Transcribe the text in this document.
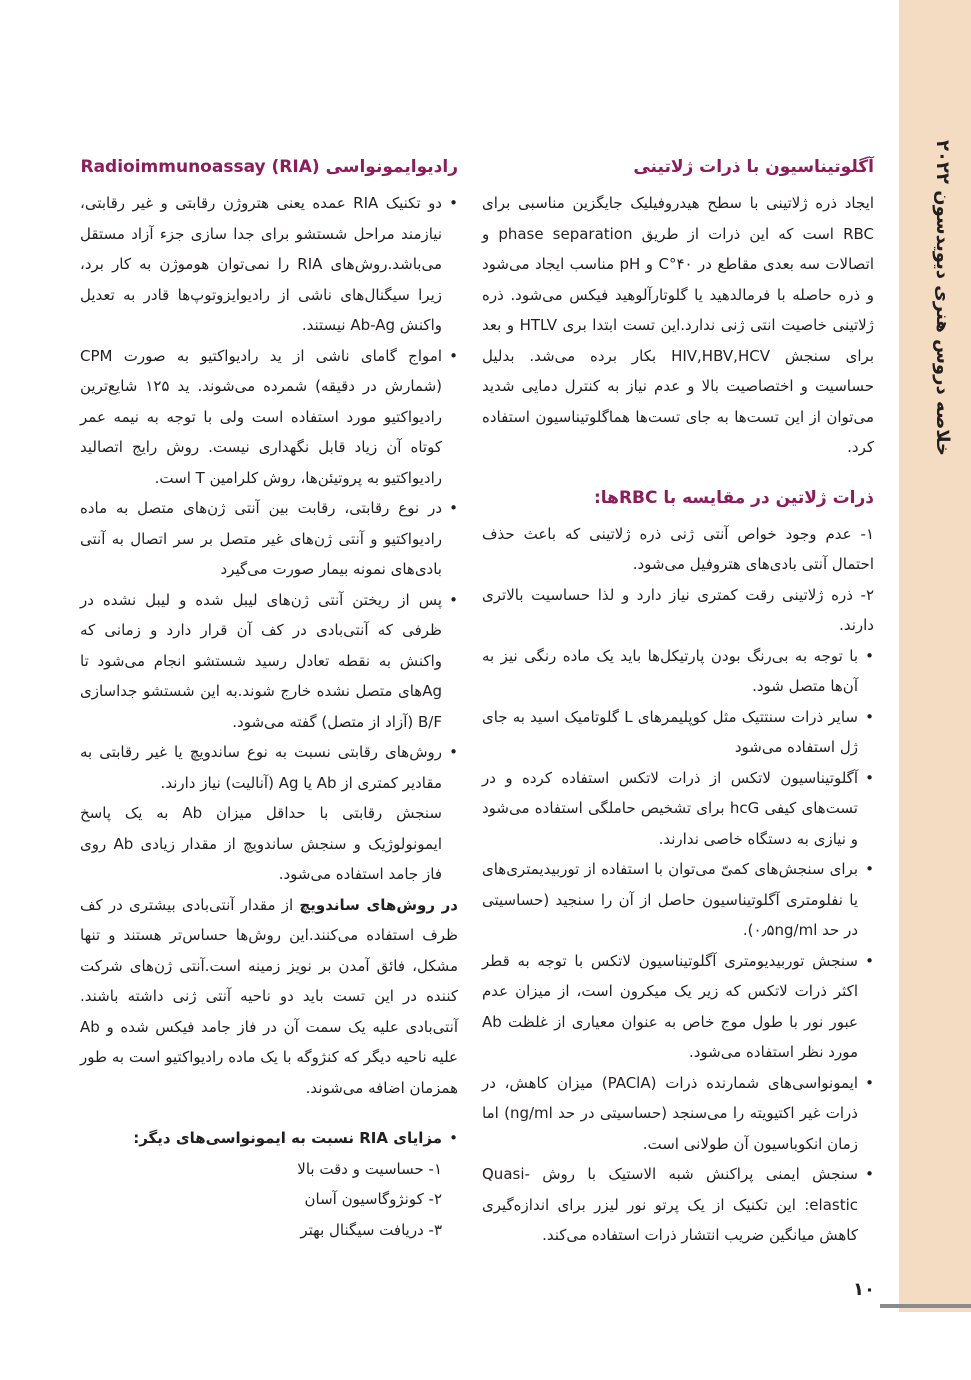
خلاصه دروس هنری دیویدسون ۲۰۲۲
آگلوتیناسیون با ذرات ژلاتینی

ایجاد ذره ژلاتینی با سطح هیدروفیلیک جایگزین مناسبی برای RBC است که این ذرات از طریق phase separation و اتصالات سه بعدی مقاطع در ۴۰°C و pH مناسب ایجاد می‌شود و ذره حاصله با فرمالدهید یا گلوتارآلوهید فیکس می‌شود. ذره ژلاتینی خاصیت انتی ژنی ندارد.این تست ابتدا بری HTLV و بعد برای سنجش HIV,HBV,HCV بکار برده می‌شد. بدلیل حساسیت و اختصاصیت بالا و عدم نیاز به کنترل دمایی شدید می‌توان از این تست‌ها به جای تست‌ها هماگلوتیناسیون استفاده کرد.

ذرات ژلاتین در مقایسه با RBCها:
۱- عدم وجود خواص آنتی ژنی ذره ژلاتینی که باعث حذف احتمال آنتی بادی‌های هتروفیل می‌شود.
۲- ذره ژلاتینی رقت کمتری نیاز دارد و لذا حساسیت بالاتری دارند.
• با توجه به بی‌رنگ بودن پارتیکل‌ها باید یک ماده رنگی نیز به آن‌ها متصل شود.
• سایر ذرات سنتتیک مثل کوپلیمرهای L گلوتامیک اسید به جای ژل استفاده می‌شود
• آگلوتیناسیون لاتکس از ذرات لاتکس استفاده کرده و در تست‌های کیفی hcG برای تشخیص حاملگی استفاده می‌شود و نیازی به دستگاه خاصی ندارند.
• برای سنجش‌های کمیّ می‌توان با استفاده از توربیدیمتری‌های یا نفلومتری آگلوتیناسیون حاصل از آن را سنجید (حساسیتی در حد ۰٫۵ng/ml).
• سنجش توربیدیومتری آگلوتیناسیون لاتکس با توجه به قطر اکثر ذرات لاتکس که زیر یک میکرون است، از میزان عدم عبور نور با طول موج خاص به عنوان معیاری از غلظت Ab مورد نظر استفاده می‌شود.
• ایمونواسی‌های شمارنده ذرات (PAClA) میزان کاهش، در ذرات غیر اکتیویته را می‌سنجد (حساسیتی در حد ng/ml) اما زمان انکوباسیون آن طولانی است.
• سنجش ایمنی پراکنش شبه الاستیک با روش Quasi-elastic: این تکنیک از یک پرتو نور لیزر برای اندازه‌گیری کاهش میانگین ضریب انتشار ذرات استفاده می‌کند.
رادیوایمونواسی (Radioimmunoassay (RIA
• دو تکنیک RIA عمده یعنی هتروژن رقابتی و غیر رقابتی، نیازمند مراحل شستشو برای جدا سازی جزء آزاد مستقل می‌باشد.روش‌های RIA را نمی‌توان هوموژن به کار برد، زیرا سیگنال‌های ناشی از رادیوایزوتوپ‌ها قادر به تعدیل واکنش Ab-Ag نیستند.
• امواج گامای ناشی از ید رادیواکتیو به صورت CPM (شمارش در دقیقه) شمرده می‌شوند. ید ۱۲۵ شایع‌ترین رادیواکتیو مورد استفاده است ولی با توجه به نیمه عمر کوتاه آن زیاد قابل نگهداری نیست. روش رایج اتصالید رادیواکتیو به پروتیئن‌ها، روش کلرامین T است.
• در نوع رقابتی، رقابت بین آنتی ژن‌های متصل به ماده رادیواکتیو و آنتی ژن‌های غیر متصل بر سر اتصال به آنتی بادی‌های نمونه بیمار صورت می‌گیرد
• پس از ریختن آنتی ژن‌های لیبل شده و لیبل نشده در ظرفی که آنتی‌بادی در کف آن قرار دارد و زمانی که واکنش به نقطه تعادل رسید شستشو انجام می‌شود تا Agهای متصل نشده خارج شوند.به این شستشو جداسازی B/F (آزاد از متصل) گفته می‌شود.
• روش‌های رقابتی نسبت به نوع ساندویچ یا غیر رقابتی به مقادیر کمتری از Ab یا Ag (آنالیت) نیاز دارند.

سنجش رقابتی با حداقل میزان Ab به یک پاسخ ایمونولوژیک و سنجش ساندویچ از مقدار زیادی Ab روی فاز جامد استفاده می‌شود.

در روش‌های ساندویچ از مقدار آنتی‌بادی بیشتری در کف ظرف استفاده می‌کنند.این روش‌ها حساس‌تر هستند و تنها مشکل، فائق آمدن بر نویز زمینه است.آنتی ژن‌های شرکت کننده در این تست باید دو ناحیه آنتی ژنی داشته باشند. آنتی‌بادی علیه یک سمت آن در فاز جامد فیکس شده و Ab علیه ناحیه دیگر که کنژوگه با یک ماده رادیواکتیو است به طور همزمان اضافه می‌شوند.

• مزایای RIA نسبت به ایمونواسی‌های دیگر:
۱- حساسیت و دقت بالا
۲- کونژوگاسیون آسان
۳- دریافت سیگنال بهتر
۱۰
